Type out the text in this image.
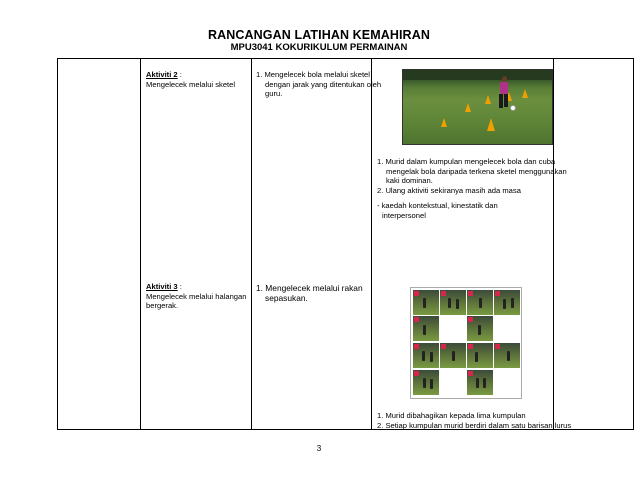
RANCANGAN LATIHAN KEMAHIRAN
MPU3041 KOKURIKULUM PERMAINAN
Aktiviti 2 :
Mengelecek melalui sketel
1. Mengelecek bola melalui sketel
dengan jarak yang ditentukan oleh
guru.
1. Murid dalam kumpulan mengelecek bola dan cuba
mengelak bola daripada terkena sketel menggunakan
kaki dominan.
2. Ulang aktiviti sekiranya masih ada masa
- kaedah kontekstual, kinestatik dan
interpersonel
Aktiviti 3 :
Mengelecek melalui halangan
bergerak.
1. Mengelecek melalui rakan
sepasukan.
1. Murid dibahagikan kepada lima kumpulan
2. Setiap kumpulan murid berdiri dalam satu barisan lurus
3
